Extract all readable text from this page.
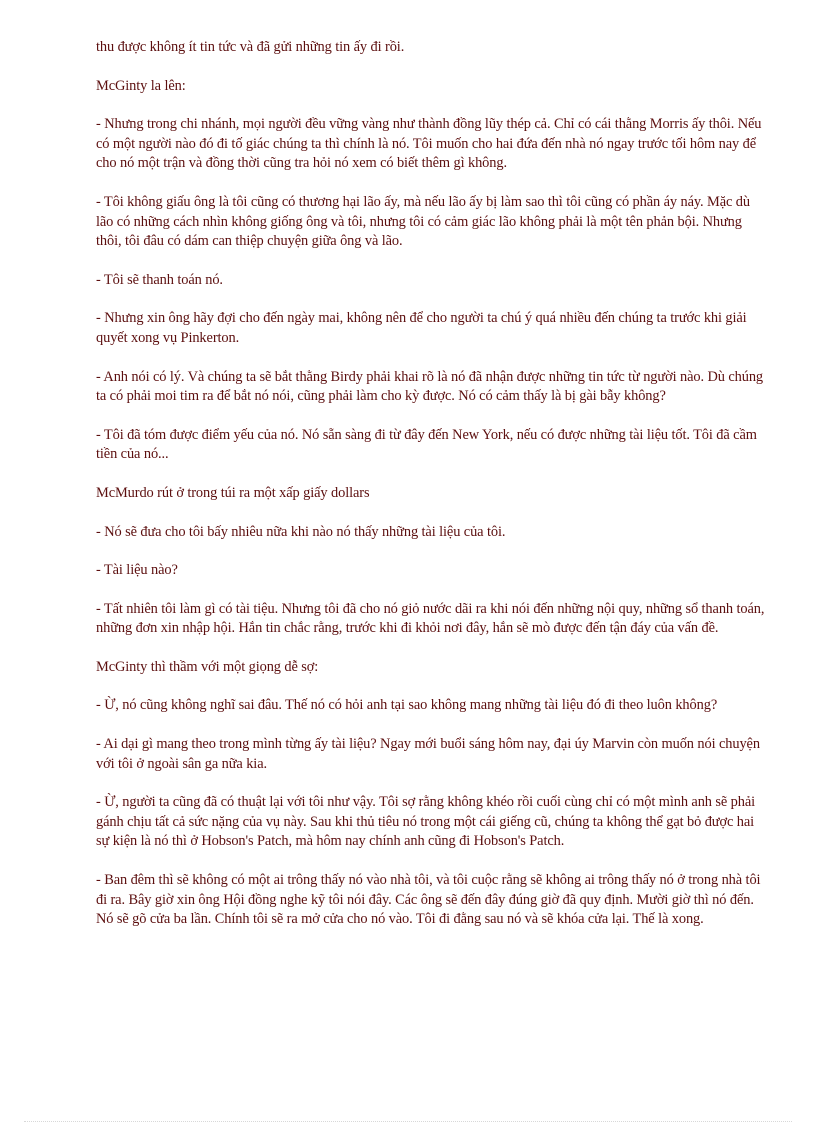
thu được không ít tin tức và đã gửi những tin ấy đi rồi.

McGinty la lên:

- Nhưng trong chi nhánh, mọi người đều vững vàng như thành đồng lũy thép cả. Chỉ có cái thằng Morris ấy thôi. Nếu có một người nào đó đi tố giác chúng ta thì chính là nó. Tôi muốn cho hai đứa đến nhà nó ngay trước tối hôm nay để cho nó một trận và đồng thời cũng tra hỏi nó xem có biết thêm gì không.

- Tôi không giấu ông là tôi cũng có thương hại lão ấy, mà nếu lão ấy bị làm sao thì tôi cũng có phần áy náy. Mặc dù lão có những cách nhìn không giống ông và tôi, nhưng tôi có cảm giác lão không phải là một tên phản bội. Nhưng thôi, tôi đâu có dám can thiệp chuyện giữa ông và lão.

- Tôi sẽ thanh toán nó.

- Nhưng xin ông hãy đợi cho đến ngày mai, không nên để cho người ta chú ý quá nhiều đến chúng ta trước khi giải quyết xong vụ Pinkerton.

- Anh nói có lý. Và chúng ta sẽ bắt thằng Birdy phải khai rõ là nó đã nhận được những tin tức từ người nào. Dù chúng ta có phải moi tim ra để bắt nó nói, cũng phải làm cho kỳ được. Nó có cảm thấy là bị gài bẫy không?

- Tôi đã tóm được điểm yếu của nó. Nó sẵn sàng đi từ đây đến New York, nếu có được những tài liệu tốt. Tôi đã cầm tiền của nó...

McMurdo rút ở trong túi ra một xấp giấy dollars

- Nó sẽ đưa cho tôi bấy nhiêu nữa khi nào nó thấy những tài liệu của tôi.

- Tài liệu nào?

- Tất nhiên tôi làm gì có tài tiệu. Nhưng tôi đã cho nó giỏ nước dãi ra khi nói đến những nội quy, những sổ thanh toán, những đơn xin nhập hội. Hắn tin chắc rằng, trước khi đi khỏi nơi đây, hắn sẽ mò được đến tận đáy của vấn đề.

McGinty thì thầm với một giọng dễ sợ:

- Ừ, nó cũng không nghĩ sai đâu. Thế nó có hỏi anh tại sao không mang những tài liệu đó đi theo luôn không?

- Ai dại gì mang theo trong mình từng ấy tài liệu? Ngay mới buổi sáng hôm nay, đại úy Marvin còn muốn nói chuyện với tôi ở ngoài sân ga nữa kia.

- Ừ, người ta cũng đã có thuật lại với tôi như vậy. Tôi sợ rằng không khéo rồi cuối cùng chỉ có một mình anh sẽ phải gánh chịu tất cả sức nặng của vụ này. Sau khi thủ tiêu nó trong một cái giếng cũ, chúng ta không thể gạt bỏ được hai sự kiện là nó thì ở Hobson's Patch, mà hôm nay chính anh cũng đi Hobson's Patch.

- Ban đêm thì sẽ không có một ai trông thấy nó vào nhà tôi, và tôi cuộc rằng sẽ không ai trông thấy nó ở trong nhà tôi đi ra. Bây giờ xin ông Hội đồng nghe kỹ tôi nói đây. Các ông sẽ đến đây đúng giờ đã quy định. Mười giờ thì nó đến. Nó sẽ gõ cửa ba lần. Chính tôi sẽ ra mở cửa cho nó vào. Tôi đi đằng sau nó và sẽ khóa cửa lại. Thế là xong.
